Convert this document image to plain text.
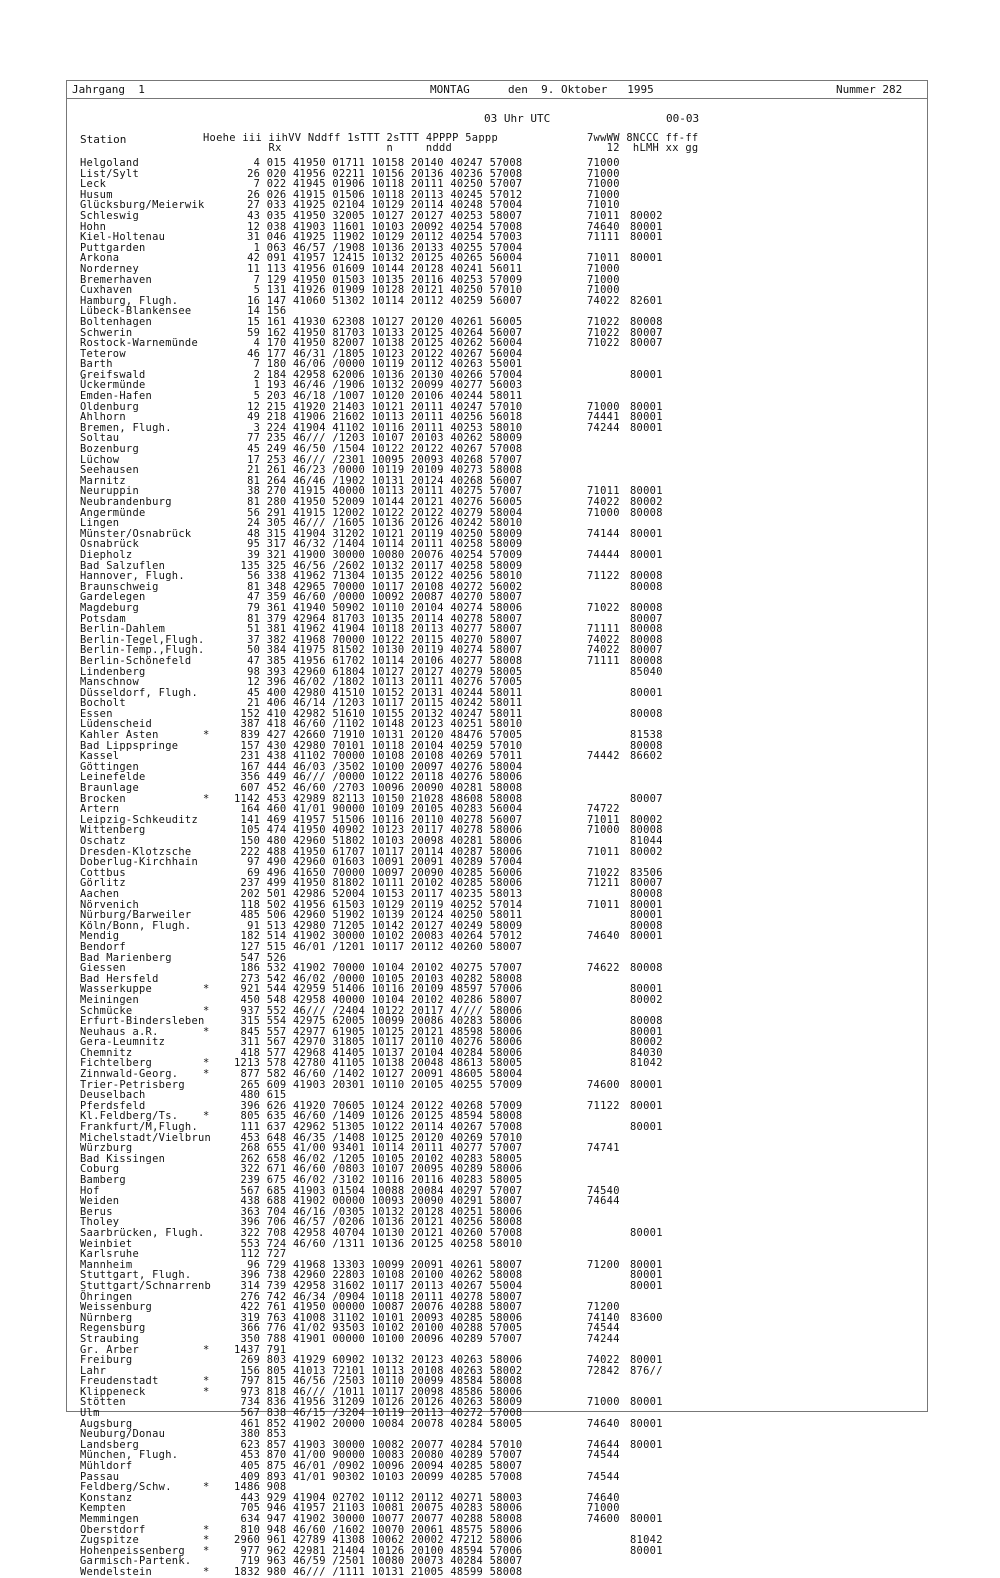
Jahrgang  1	MONTAG	den  9. Oktober   1995	Nummer 282
03 Uhr UTC	00-03
Station	Hoehe iii iihVV Nddff 1sTTT 2sTTT 4PPPP 5appp
Rx                n     nddd
7wwWW 8NCCC ff-ff
12  hLMH xx gg
Helgoland	4 015 41950 01711 10158 20140 40247 57008	71000
List/Sylt	26 020 41956 02211 10156 20136 40236 57008	71000
Leck	7 022 41945 01906 10118 20111 40250 57007	71000
Husum	26 026 41915 01506 10118 20113 40245 57012	71000
Glücksburg/Meierwik	27 033 41925 02104 10129 20114 40248 57004	71010
Schleswig	43 035 41950 32005 10127 20127 40253 58007	71011 80002
Hohn	12 038 41903 11601 10103 20092 40254 57008	74640 80001
Kiel-Holtenau	31 046 41925 11902 10129 20112 40254 57003	71111 80001
Puttgarden	1 063 46/57 /1908 10136 20133 40255 57004
Arkona	42 091 41957 12415 10132 20125 40265 56004	71011 80001
Norderney	11 113 41956 01609 10144 20128 40241 56011	71000
Bremerhaven	7 129 41950 01503 10135 20116 40253 57009	71000
Cuxhaven	5 131 41926 01909 10128 20121 40250 57010	71000
Hamburg, Flugh.	16 147 41060 51302 10114 20112 40259 56007	74022 82601
Lübeck-Blankensee	14 156
Boltenhagen	15 161 41930 62308 10127 20120 40261 56005	71022 80008
Schwerin	59 162 41950 81703 10133 20125 40264 56007	71022 80007
Rostock-Warnemünde	4 170 41950 82007 10138 20125 40262 56004	71022 80007
Teterow	46 177 46/31 /1805 10123 20122 40267 56004
Barth	7 180 46/06 /0000 10119 20112 40263 55001
Greifswald	2 184 42958 62006 10136 20130 40266 57004	80001
Ückermünde	1 193 46/46 /1906 10132 20099 40277 56003
Emden-Hafen	5 203 46/18 /1007 10120 20106 40244 58011
Oldenburg	12 215 41920 21403 10121 20111 40247 57010	71000 80001
Ahlhorn	49 218 41906 21602 10113 20111 40256 56018	74441 80001
Bremen, Flugh.	3 224 41904 41102 10116 20111 40253 58010	74244 80001
Soltau	77 235 46/// /1203 10107 20103 40262 58009
Bozenburg	45 249 46/50 /1504 10122 20122 40267 57008
Lüchow	17 253 46/// /2301 10095 20093 40268 57007
Seehausen	21 261 46/23 /0000 10119 20109 40273 58008
Marnitz	81 264 46/46 /1902 10131 20124 40268 56007
Neuruppin	38 270 41915 40000 10113 20111 40275 57007	71011 80001
Neubrandenburg	81 280 41950 52009 10144 20121 40276 56005	74022 80002
Angermünde	56 291 41915 12002 10122 20122 40279 58004	71000 80008
Lingen	24 305 46/// /1605 10136 20126 40242 58010
Münster/Osnabrück	48 315 41904 31202 10121 20119 40250 58009	74144 80001
Osnabrück	95 317 46/32 /1404 10114 20111 40258 58009
Diepholz	39 321 41900 30000 10080 20076 40254 57009	74444 80001
Bad Salzuflen	135 325 46/56 /2602 10132 20117 40258 58009
Hannover, Flugh.	56 338 41962 71304 10135 20122 40256 58010	71122 80008
Braunschweig	81 348 42965 70000 10117 20108 40272 56002	80008
Gardelegen	47 359 46/60 /0000 10092 20087 40270 58007
Magdeburg	79 361 41940 50902 10110 20104 40274 58006	71022 80008
Potsdam	81 379 42964 81703 10135 20114 40278 58007	80007
Berlin-Dahlem	51 381 41962 41904 10118 20113 40277 58007	71111 80008
Berlin-Tegel,Flugh.	37 382 41968 70000 10122 20115 40270 58007	74022 80008
Berlin-Temp.,Flugh.	50 384 41975 81502 10130 20119 40274 58007	74022 80007
Berlin-Schönefeld	47 385 41956 61702 10114 20106 40277 58008	71111 80008
Lindenberg	98 393 42960 61804 10127 20127 40279 58005	85040
Manschnow	12 396 46/02 /1802 10113 20111 40276 57005
Düsseldorf, Flugh.	45 400 42980 41510 10152 20131 40244 58011	80001
Bocholt	21 406 46/14 /1203 10117 20115 40242 58011
Essen	152 410 42982 51610 10155 20132 40247 58011	80008
Lüdenscheid	387 418 46/60 /1102 10148 20123 40251 58010
Kahler Asten	* 839 427 42660 71910 10131 20120 48476 57005	81538
Bad Lippspringe	157 430 42980 70101 10118 20104 40259 57010	80008
Kassel	231 438 41102 70000 10108 20108 40269 57011	74442 86602
Göttingen	167 444 46/03 /3502 10100 20097 40276 58004
Leinefelde	356 449 46/// /0000 10122 20118 40276 58006
Braunlage	607 452 46/60 /2703 10096 20090 40281 58008
Brocken	* 1142 453 42989 82113 10150 21028 48608 58008	80007
Artern	164 460 41/01 90000 10109 20105 40283 56004	74722
Leipzig-Schkeuditz	141 469 41957 51506 10116 20110 40278 56007	71011 80002
Wittenberg	105 474 41950 40902 10123 20117 40278 58006	71000 80008
Oschatz	150 480 42960 51802 10103 20098 40281 58006	81044
Dresden-Klotzsche	222 488 41950 61707 10117 20114 40287 58006	71011 80002
Doberlug-Kirchhain	97 490 42960 01603 10091 20091 40289 57004
Cottbus	69 496 41650 70000 10097 20090 40285 56006	71022 83506
Görlitz	237 499 41950 81802 10111 20102 40285 58006	71211 80007
Aachen	202 501 42986 52004 10153 20117 40235 58013	80008
Nörvenich	118 502 41956 61503 10129 20119 40252 57014	71011 80001
Nürburg/Barweiler	485 506 42960 51902 10139 20124 40250 58011	80001
Köln/Bonn, Flugh.	91 513 42980 71205 10142 20127 40249 58009	80008
Mendig	182 514 41902 30000 10102 20083 40264 57012	74640 80001
Bendorf	127 515 46/01 /1201 10117 20112 40260 58007
Bad Marienberg	547 526
Giessen	186 532 41902 70000 10104 20102 40275 57007	74622 80008
Bad Hersfeld	273 542 46/02 /0000 10105 20103 40282 58008
Wasserkuppe	* 921 544 42959 51406 10116 20109 48597 57006	80001
Meiningen	450 548 42958 40000 10104 20102 40286 58007	80002
Schmücke	* 937 552 46/// /2404 10122 20117 4//// 58006
Erfurt-Bindersleben	315 554 42975 62005 10099 20086 40283 58006	80008
Neuhaus a.R.	* 845 557 42977 61905 10125 20121 48598 58006	80001
Gera-Leumnitz	311 567 42970 31805 10117 20110 40276 58006	80002
Chemnitz	418 577 42968 41405 10137 20104 40284 58006	84030
Fichtelberg	* 1213 578 42780 41105 10138 20048 48613 58005	81042
Zinnwald-Georg. * 877 582 46/60 /1402 10127 20091 48605 58004
Trier-Petrisberg	265 609 41903 20301 10110 20105 40255 57009	74600 80001
Deuselbach	480 615
Pferdsfeld	396 626 41920 70605 10124 20122 40268 57009	71122 80001
Kl.Feldberg/Ts. * 805 635 46/60 /1409 10126 20125 48594 58008
Frankfurt/M,Flugh.	111 637 42962 51305 10122 20114 40267 57008	80001
Michelstadt/Vielbrun 453 648 46/35 /1408 10125 20120 40269 57010
Würzburg	268 655 41/00 93401 10114 20111 40277 57007	74741
Bad Kissingen	262 658 46/02 /1205 10105 20102 40283 58005
Coburg	322 671 46/60 /0803 10107 20095 40289 58006
Bamberg	239 675 46/02 /3102 10116 20116 40283 58005
Hof	567 685 41903 01504 10088 20084 40297 57007	74540
Weiden	438 688 41902 00000 10093 20090 40291 58007	74644
Berus	363 704 46/16 /0305 10132 20128 40251 58006
Tholey	396 706 46/57 /0206 10136 20121 40256 58008
Saarbrücken, Flugh.	322 708 42958 40704 10130 20121 40260 57008	80001
Weinbiet	553 724 46/60 /1311 10136 20125 40258 58010
Karlsruhe	112 727
Mannheim	96 729 41968 13303 10099 20091 40261 58007	71200 80001
Stuttgart, Flugh.	396 738 42960 22803 10108 20100 40262 58008	80001
Stuttgart/Schnarrenb 314 739 42958 31602 10117 20113 40267 55004	80001
Öhringen	276 742 46/34 /0904 10118 20111 40278 58007
Weissenburg	422 761 41950 00000 10087 20076 40288 58007	71200
Nürnberg	319 763 41008 31102 10101 20093 40285 58006	74140 83600
Regensburg	366 776 41/02 93503 10102 20100 40288 57005	74544
Straubing	350 788 41901 00000 10100 20096 40289 57007	74244
Gr. Arber	* 1437 791
Freiburg	269 803 41929 60902 10132 20123 40263 58006	74022 80001
Lahr	156 805 41013 72101 10113 20108 40263 58002	72842 876//
Freudenstadt	* 797 815 46/56 /2503 10110 20099 48584 58008
Klippeneck	* 973 818 46/// /1011 10117 20098 48586 58006
Stötten	734 836 41956 31209 10126 20126 40263 58009	71000 80001
Ulm	567 838 46/15 /3204 10119 20113 40272 57008
Augsburg	461 852 41902 20000 10084 20078 40284 58005	74640 80001
Neuburg/Donau	380 853
Landsberg	623 857 41903 30000 10082 20077 40284 57010	74644 80001
München, Flugh.	453 870 41/00 90000 10083 20080 40289 57007	74544
Mühldorf	405 875 46/01 /0902 10096 20094 40285 58007
Passau	409 893 41/01 90302 10103 20099 40285 57008	74544
Feldberg/Schw.	* 1486 908
Konstanz	443 929 41904 02702 10112 20112 40271 58003	74640
Kempten	705 946 41957 21103 10081 20075 40283 58006	71000
Memmingen	634 947 41902 30000 10077 20077 40288 58008	74600 80001
Oberstdorf	* 810 948 46/60 /1602 10070 20061 48575 58006
Zugspitze	* 2960 961 42789 41308 10062 20002 47212 58006	81042
Hohenpeissenberg * 977 962 42981 21404 10126 20100 48594 57006	80001
Garmisch-Partenk.	719 963 46/59 /2501 10080 20073 40284 58007
Wendelstein	* 1832 980 46/// /1111 10131 21005 48599 58008
